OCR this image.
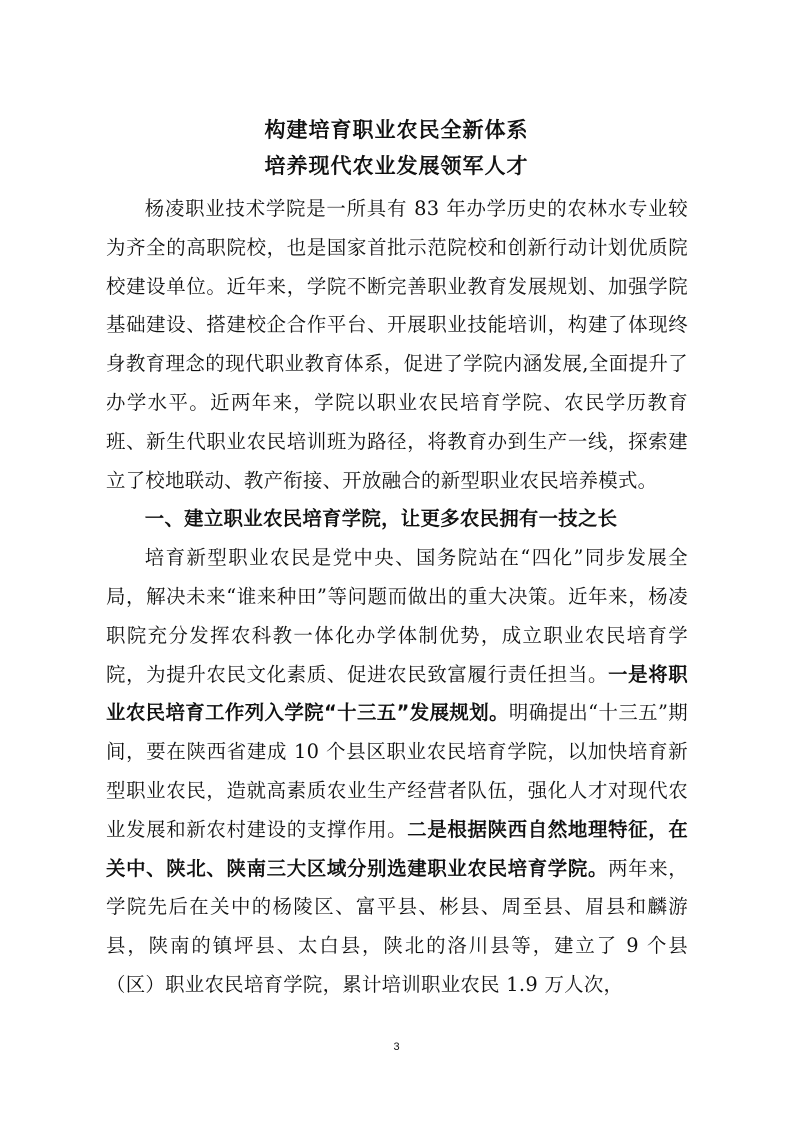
构建培育职业农民全新体系
培养现代农业发展领军人才

杨凌职业技术学院是一所具有 83 年办学历史的农林水专业较为齐全的高职院校，也是国家首批示范院校和创新行动计划优质院校建设单位。近年来，学院不断完善职业教育发展规划、加强学院基础建设、搭建校企合作平台、开展职业技能培训，构建了体现终身教育理念的现代职业教育体系，促进了学院内涵发展,全面提升了办学水平。近两年来，学院以职业农民培育学院、农民学历教育班、新生代职业农民培训班为路径，将教育办到生产一线，探索建立了校地联动、教产衔接、开放融合的新型职业农民培养模式。

一、建立职业农民培育学院，让更多农民拥有一技之长

培育新型职业农民是党中央、国务院站在“四化”同步发展全局，解决未来“谁来种田”等问题而做出的重大决策。近年来，杨凌职院充分发挥农科教一体化办学体制优势，成立职业农民培育学院，为提升农民文化素质、促进农民致富履行责任担当。一是将职业农民培育工作列入学院“十三五”发展规划。明确提出“十三五”期间，要在陕西省建成 10 个县区职业农民培育学院，以加快培育新型职业农民，造就高素质农业生产经营者队伍，强化人才对现代农业发展和新农村建设的支撑作用。二是根据陕西自然地理特征，在关中、陕北、陕南三大区域分别选建职业农民培育学院。两年来，学院先后在关中的杨陵区、富平县、彬县、周至县、眉县和麟游县，陕南的镇坪县、太白县，陕北的洛川县等，建立了 9 个县（区）职业农民培育学院，累计培训职业农民 1.9 万人次，

3
